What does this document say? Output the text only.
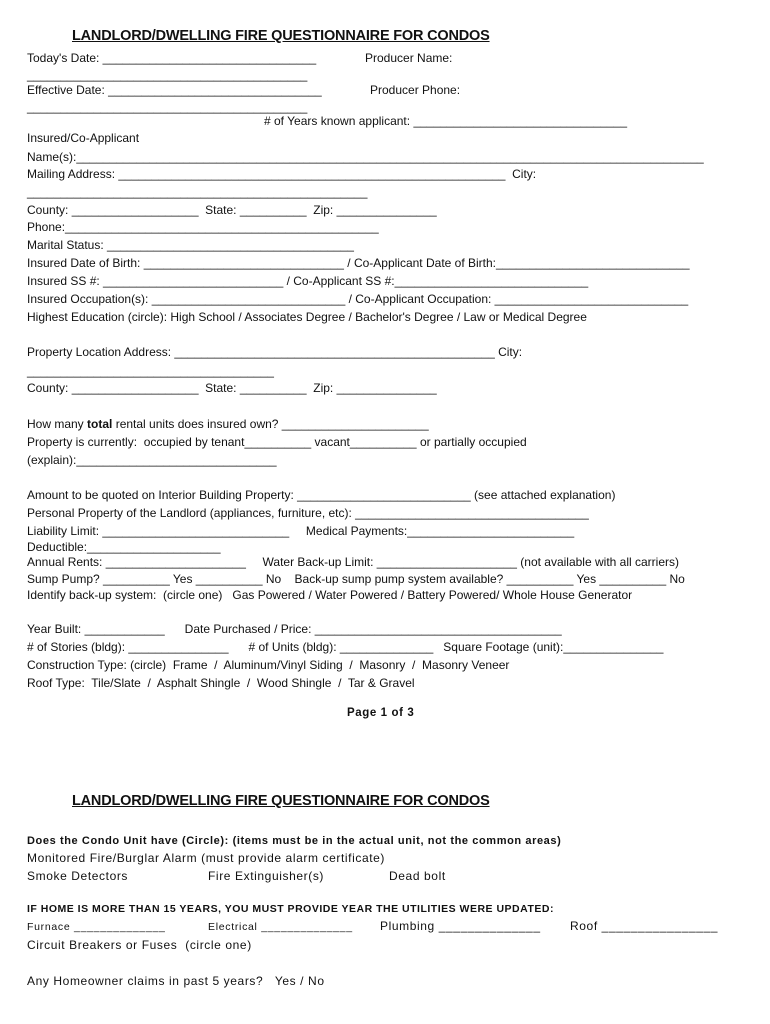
LANDLORD/DWELLING FIRE QUESTIONNAIRE FOR CONDOS
Today's Date: ________________________________	Producer Name:
__________________________________________
Effective Date: ________________________________	Producer Phone:
__________________________________________
# of Years known applicant: ________________________________
Insured/Co-Applicant
Name(s):______________________________________________________________________________________________
Mailing Address: __________________________________________________________  City:
___________________________________________________
County: ___________________  State: __________  Zip: _______________
Phone:_______________________________________________
Marital Status: _____________________________________
Insured Date of Birth: ______________________________ / Co-Applicant Date of Birth:_____________________________
Insured SS #: ___________________________ / Co-Applicant SS #:_____________________________
Insured Occupation(s): _____________________________ / Co-Applicant Occupation: _____________________________
Highest Education (circle): High School / Associates Degree / Bachelor's Degree / Law or Medical Degree
Property Location Address: ________________________________________________ City:
_____________________________________
County: ___________________  State: __________  Zip: _______________
How many total rental units does insured own? ______________________
Property is currently:  occupied by tenant__________ vacant__________ or partially occupied
(explain):______________________________
Amount to be quoted on Interior Building Property: __________________________ (see attached explanation)
Personal Property of the Landlord (appliances, furniture, etc): ___________________________________
Liability Limit: ____________________________     Medical Payments:_________________________
Deductible:____________________
Annual Rents: _____________________     Water Back-up Limit: _____________________ (not available with all carriers)
Sump Pump? __________ Yes __________ No    Back-up sump pump system available? __________ Yes __________ No
Identify back-up system:  (circle one)   Gas Powered / Water Powered / Battery Powered/ Whole House Generator
Year Built: ____________      Date Purchased / Price: _____________________________________
# of Stories (bldg): _______________      # of Units (bldg): ______________   Square Footage (unit):_______________
Construction Type: (circle)  Frame  /  Aluminum/Vinyl Siding  /  Masonry  /  Masonry Veneer
Roof Type:  Tile/Slate  /  Asphalt Shingle  /  Wood Shingle  /  Tar & Gravel
Page 1 of 3
LANDLORD/DWELLING FIRE QUESTIONNAIRE FOR CONDOS
Does the Condo Unit have (Circle): (items must be in the actual unit, not the common areas)
Monitored Fire/Burglar Alarm (must provide alarm certificate)
Smoke Detectors	Fire Extinguisher(s)	Dead bolt
IF HOME IS MORE THAN 15 YEARS, YOU MUST PROVIDE YEAR THE UTILITIES WERE UPDATED:
Furnace ______________	Electrical ______________ Plumbing ______________ Roof ________________
Circuit Breakers or Fuses  (circle one)
Any Homeowner claims in past 5 years?   Yes / No
